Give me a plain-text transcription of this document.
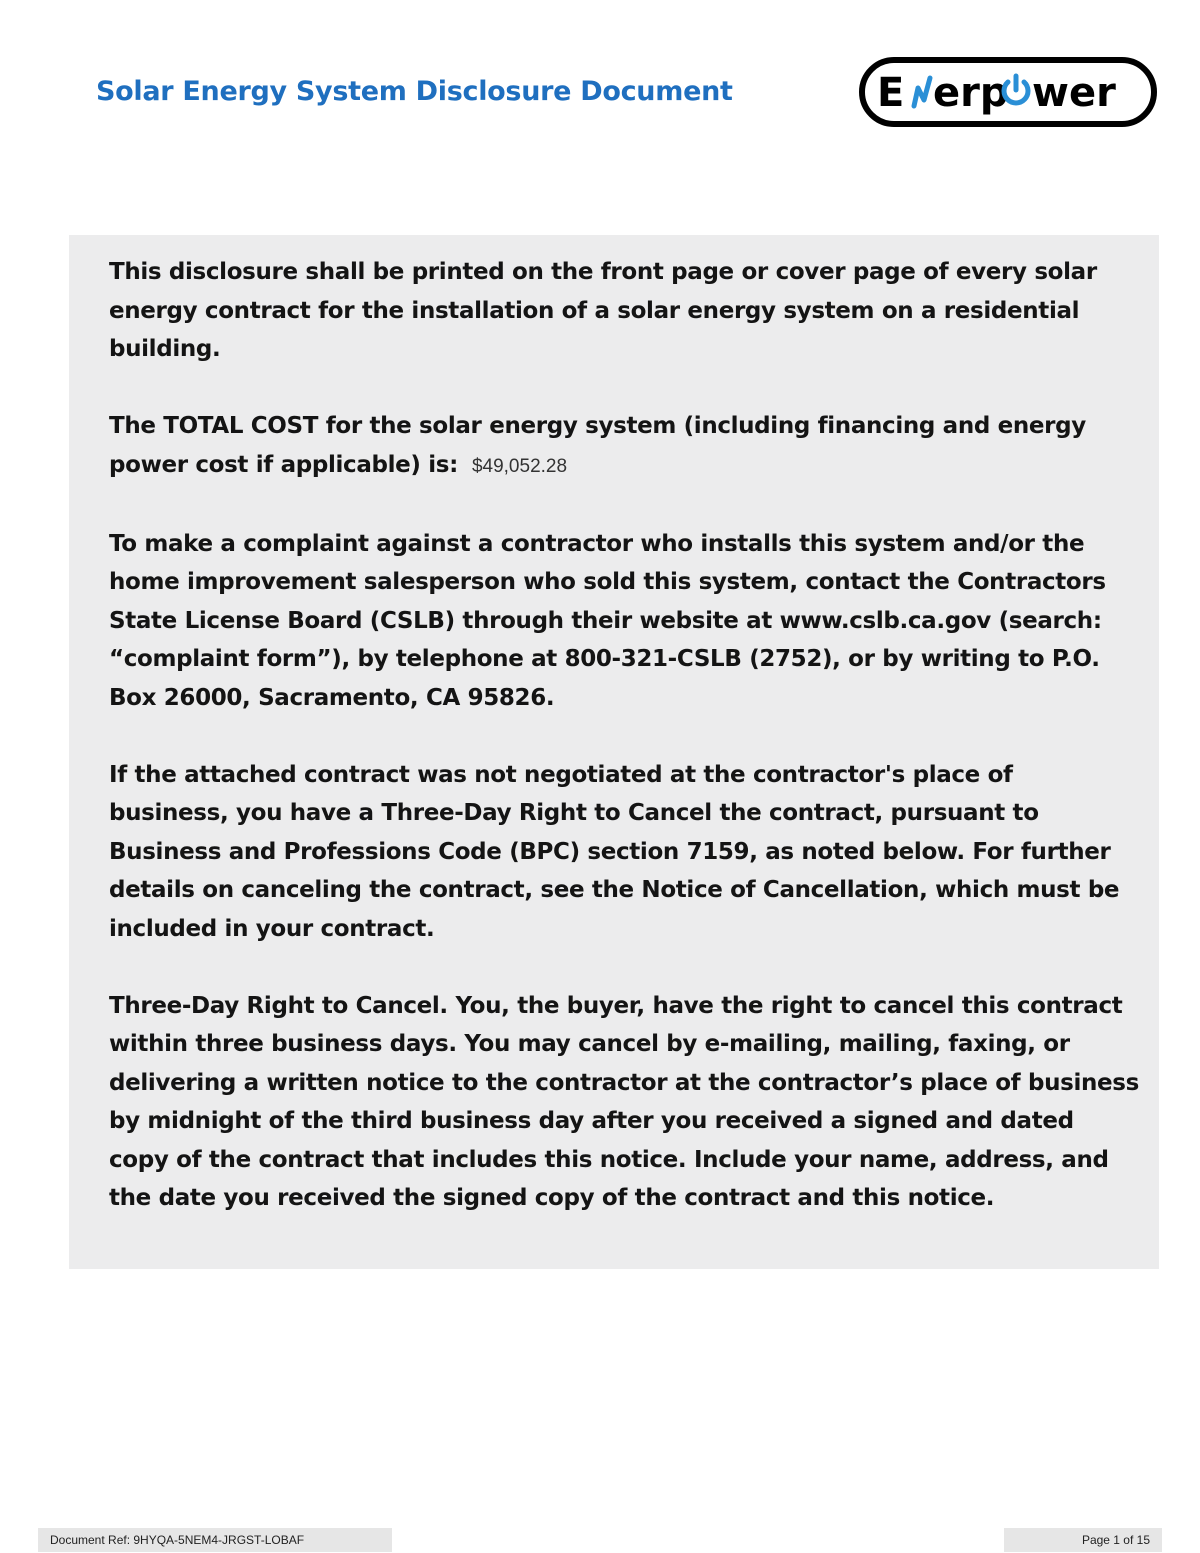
Solar Energy System Disclosure Document	E erp wer

This disclosure shall be printed on the front page or cover page of every solar energy contract for the installation of a solar energy system on a residential building.

The TOTAL COST for the solar energy system (including financing and energy power cost if applicable) is: $49,052.28

To make a complaint against a contractor who installs this system and/or the home improvement salesperson who sold this system, contact the Contractors State License Board (CSLB) through their website at www.cslb.ca.gov (search: “complaint form”), by telephone at 800-321-CSLB (2752), or by writing to P.O. Box 26000, Sacramento, CA 95826.

If the attached contract was not negotiated at the contractor's place of business, you have a Three-Day Right to Cancel the contract, pursuant to Business and Professions Code (BPC) section 7159, as noted below. For further details on canceling the contract, see the Notice of Cancellation, which must be included in your contract.

Three-Day Right to Cancel. You, the buyer, have the right to cancel this contract within three business days. You may cancel by e-mailing, mailing, faxing, or delivering a written notice to the contractor at the contractor’s place of business by midnight of the third business day after you received a signed and dated copy of the contract that includes this notice. Include your name, address, and the date you received the signed copy of the contract and this notice.

Document Ref: 9HYQA-5NEM4-JRGST-LOBAF	Page 1 of 15
